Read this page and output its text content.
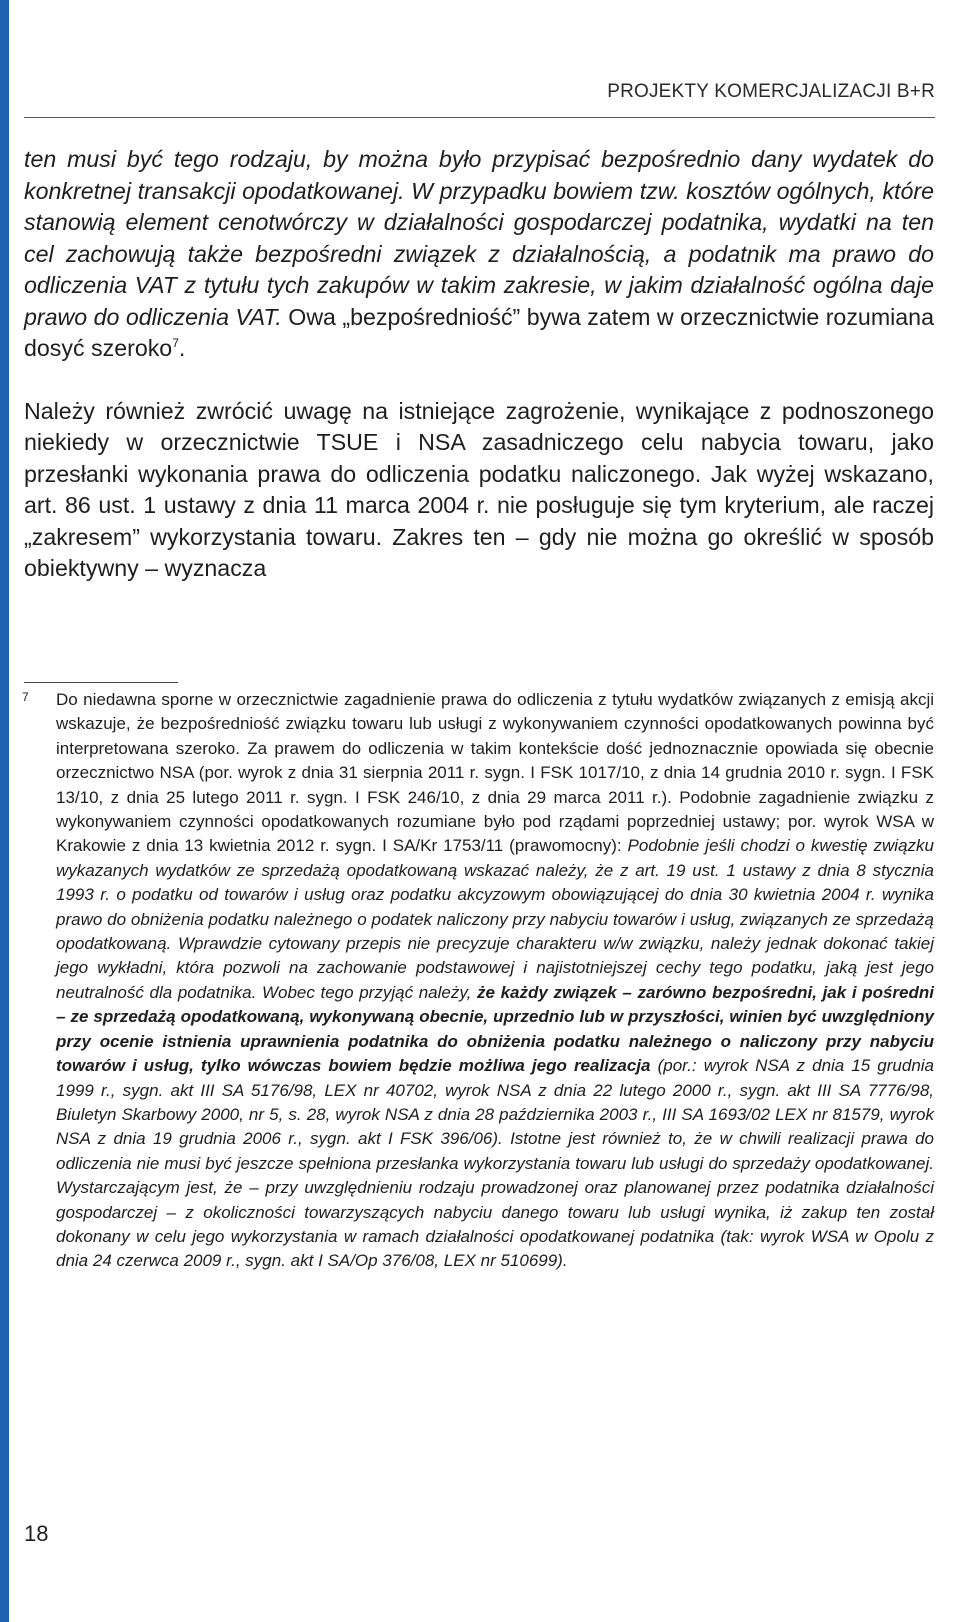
PROJEKTY KOMERCJALIZACJI B+R

ten musi być tego rodzaju, by można było przypisać bezpośrednio dany wydatek do konkretnej transakcji opodatkowanej. W przypadku bowiem tzw. kosztów ogólnych, które stanowią element cenotwórczy w działalności gospodarczej podatnika, wydatki na ten cel zachowują także bezpośredni związek z działalnością, a podatnik ma prawo do odliczenia VAT z tytułu tych zakupów w takim zakresie, w jakim działalność ogólna daje prawo do odliczenia VAT. Owa „bezpośredniość” bywa zatem w orzecznictwie rozumiana dosyć szeroko$^7$.

Należy również zwrócić uwagę na istniejące zagrożenie, wynikające z podnoszonego niekiedy w orzecznictwie TSUE i NSA zasadniczego celu nabycia towaru, jako przesłanki wykonania prawa do odliczenia podatku naliczonego. Jak wyżej wskazano, art. 86 ust. 1 ustawy z dnia 11 marca 2004 r. nie posługuje się tym kryterium, ale raczej „zakresem” wykorzystania towaru. Zakres ten – gdy nie można go określić w sposób obiektywny – wyznacza

7 Do niedawna sporne w orzecznictwie zagadnienie prawa do odliczenia z tytułu wydatków związanych z emisją akcji wskazuje, że bezpośredniość związku towaru lub usługi z wykonywaniem czynności opodatkowanych powinna być interpretowana szeroko. Za prawem do odliczenia w takim kontekście dość jednoznacznie opowiada się obecnie orzecznictwo NSA (por. wyrok z dnia 31 sierpnia 2011 r. sygn. I FSK 1017/10, z dnia 14 grudnia 2010 r. sygn. I FSK 13/10, z dnia 25 lutego 2011 r. sygn. I FSK 246/10, z dnia 29 marca 2011 r.). Podobnie zagadnienie związku z wykonywaniem czynności opodatkowanych rozumiane było pod rządami poprzedniej ustawy; por. wyrok WSA w Krakowie z dnia 13 kwietnia 2012 r. sygn. I SA/Kr 1753/11 (prawomocny): Podobnie jeśli chodzi o kwestię związku wykazanych wydatków ze sprzedażą opodatkowaną wskazać należy, że z art. 19 ust. 1 ustawy z dnia 8 stycznia 1993 r. o podatku od towarów i usług oraz podatku akcyzowym obowiązującej do dnia 30 kwietnia 2004 r. wynika prawo do obniżenia podatku należnego o podatek naliczony przy nabyciu towarów i usług, związanych ze sprzedażą opodatkowaną. Wprawdzie cytowany przepis nie precyzuje charakteru w/w związku, należy jednak dokonać takiej jego wykładni, która pozwoli na zachowanie podstawowej i najistotniejszej cechy tego podatku, jaką jest jego neutralność dla podatnika. Wobec tego przyjąć należy, że każdy związek – zarówno bezpośredni, jak i pośredni – ze sprzedażą opodatkowaną, wykonywaną obecnie, uprzednio lub w przyszłości, winien być uwzględniony przy ocenie istnienia uprawnienia podatnika do obniżenia podatku należnego o naliczony przy nabyciu towarów i usług, tylko wówczas bowiem będzie możliwa jego realizacja (por.: wyrok NSA z dnia 15 grudnia 1999 r., sygn. akt III SA 5176/98, LEX nr 40702, wyrok NSA z dnia 22 lutego 2000 r., sygn. akt III SA 7776/98, Biuletyn Skarbowy 2000, nr 5, s. 28, wyrok NSA z dnia 28 października 2003 r., III SA 1693/02 LEX nr 81579, wyrok NSA z dnia 19 grudnia 2006 r., sygn. akt I FSK 396/06). Istotne jest również to, że w chwili realizacji prawa do odliczenia nie musi być jeszcze spełniona przesłanka wykorzystania towaru lub usługi do sprzedaży opodatkowanej. Wystarczającym jest, że – przy uwzględnieniu rodzaju prowadzonej oraz planowanej przez podatnika działalności gospodarczej – z okoliczności towarzyszących nabyciu danego towaru lub usługi wynika, iż zakup ten został dokonany w celu jego wykorzystania w ramach działalności opodatkowanej podatnika (tak: wyrok WSA w Opolu z dnia 24 czerwca 2009 r., sygn. akt I SA/Op 376/08, LEX nr 510699).

18
